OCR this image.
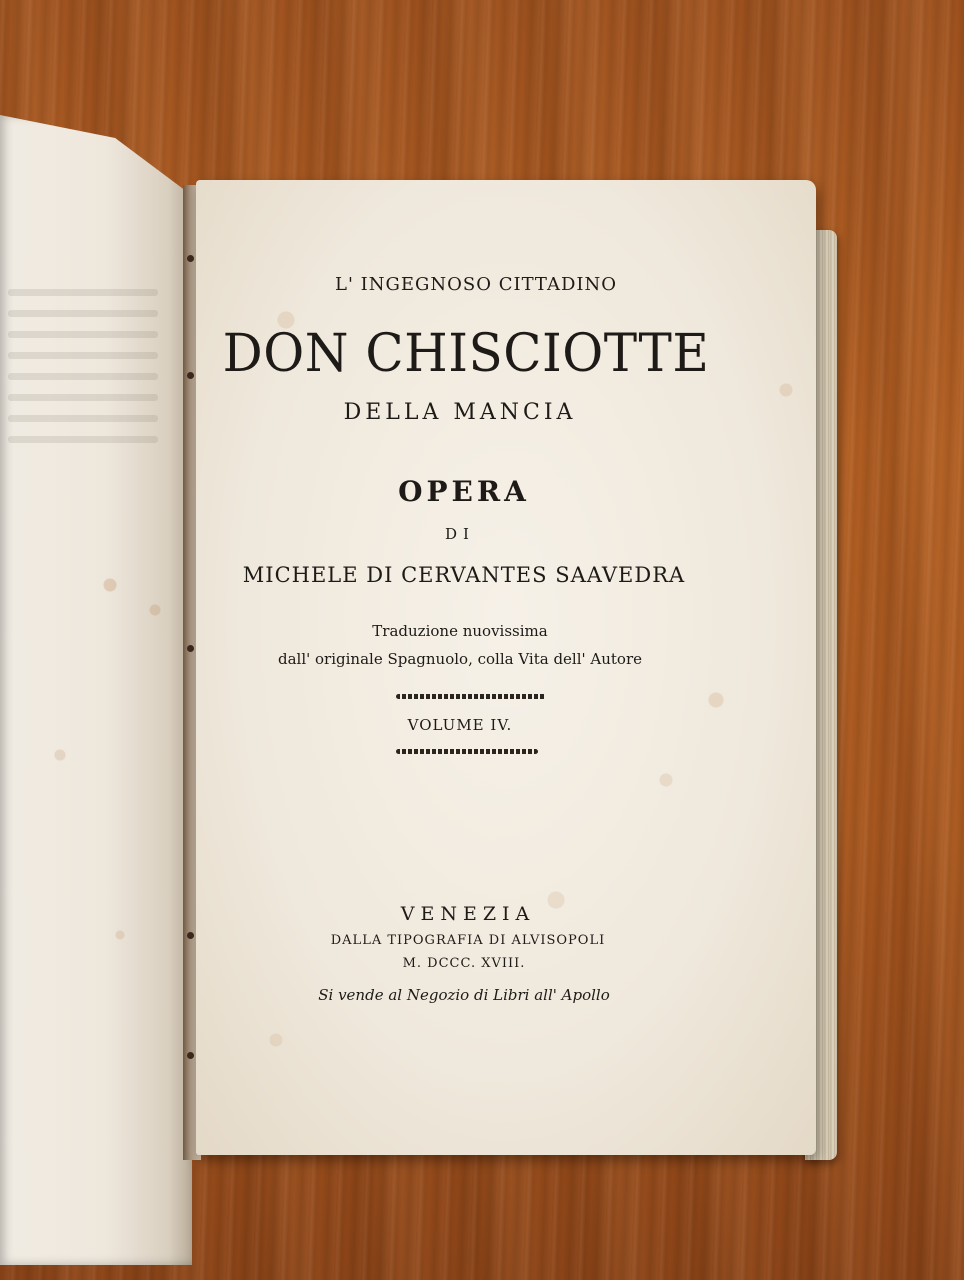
L' INGEGNOSO CITTADINO
DON CHISCIOTTE
DELLA MANCIA
OPERA
DI
MICHELE DI CERVANTES SAAVEDRA
Traduzione nuovissima
dall' originale Spagnuolo, colla Vita dell' Autore
VOLUME IV.
VENEZIA
DALLA TIPOGRAFIA DI ALVISOPOLI
M. DCCC. XVIII.
Si vende al Negozio di Libri all' Apollo
